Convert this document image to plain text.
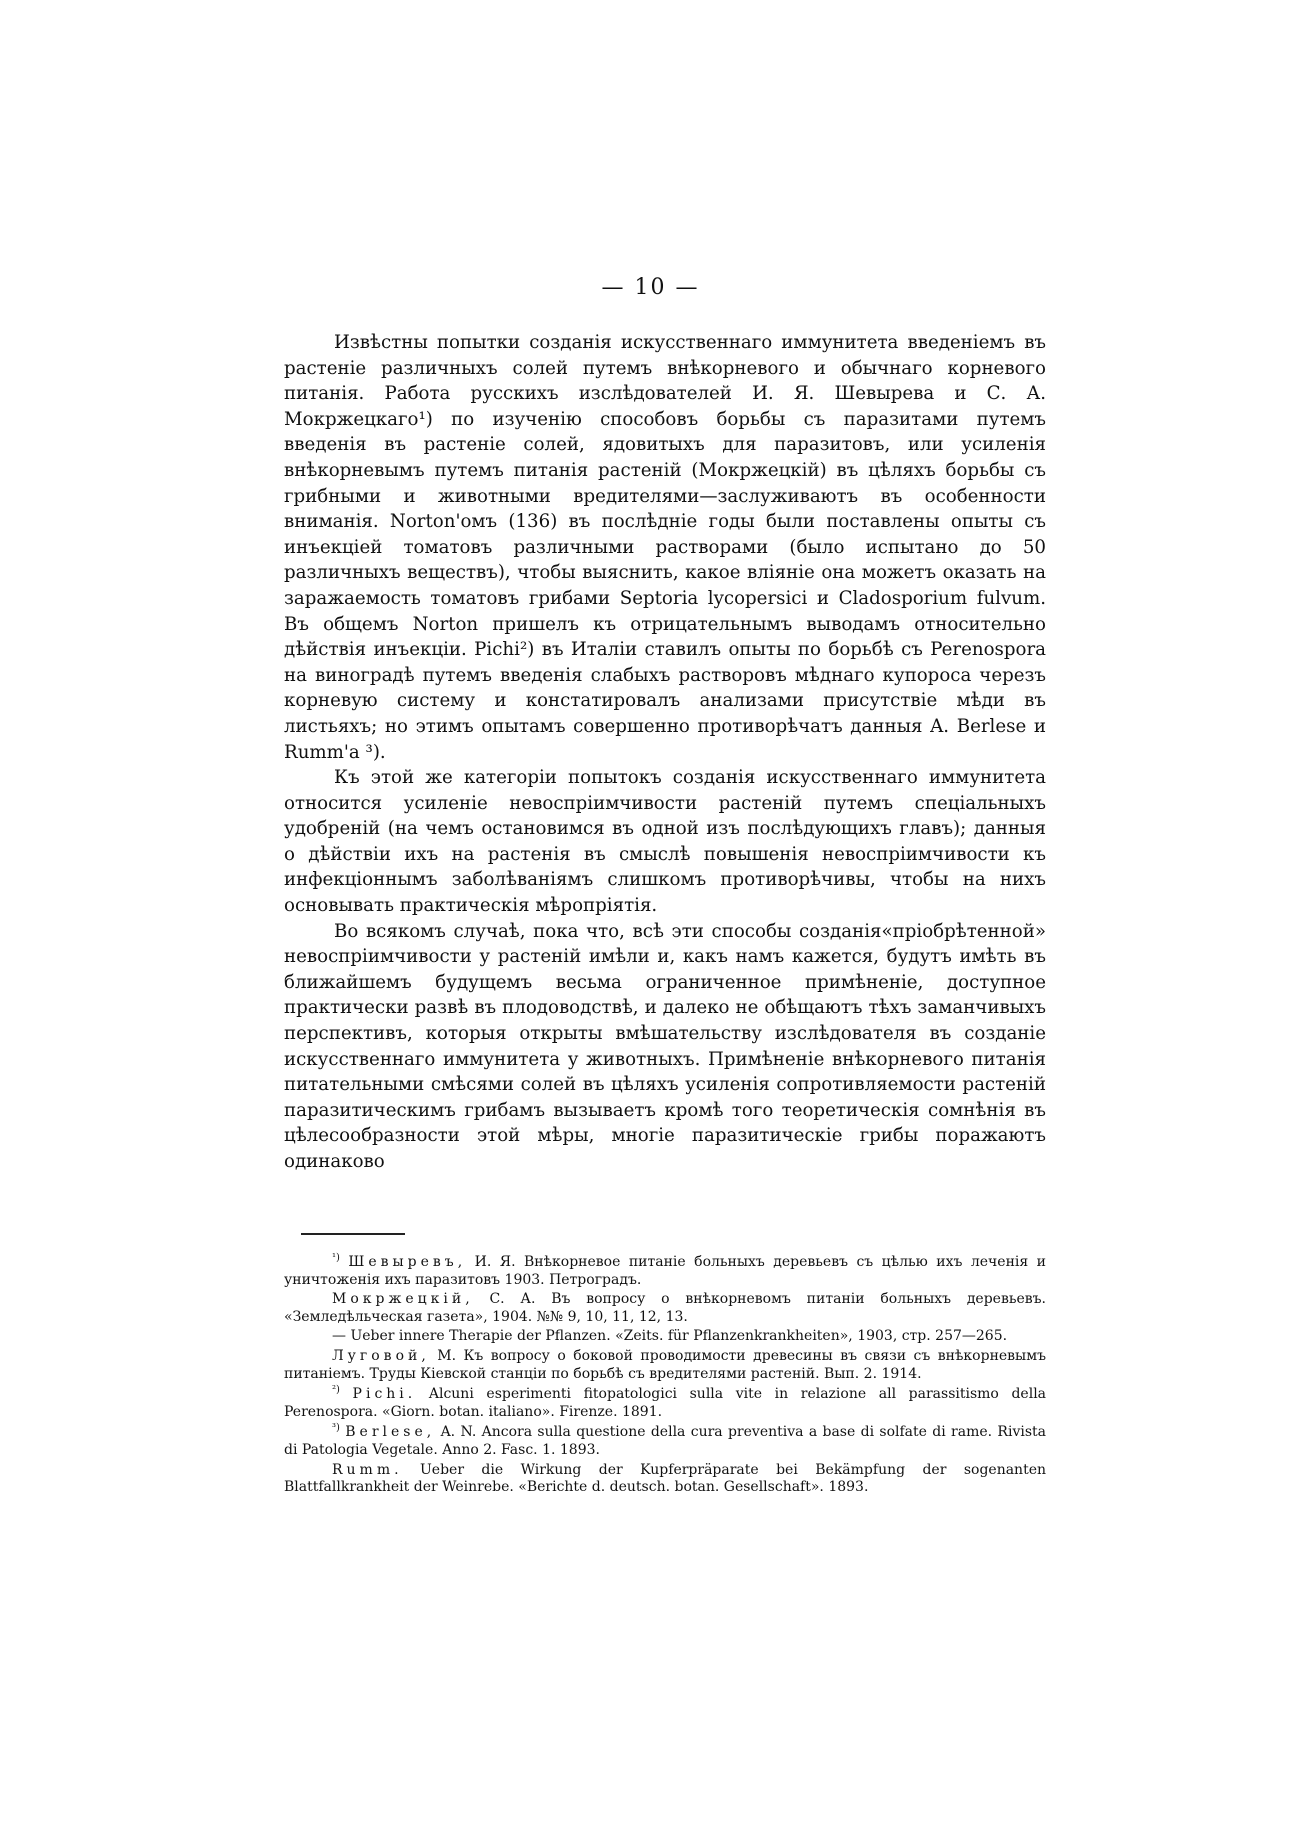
— 10 —

Извѣстны попытки созданія искусственнаго иммунитета введеніемъ въ растеніе различныхъ солей путемъ внѣкорневого и обычнаго корневого питанія. Работа русскихъ изслѣдователей И. Я. Шевырева и С. А. Мокржецкаго¹) по изученію способовъ борьбы съ паразитами путемъ введенія въ растеніе солей, ядовитыхъ для паразитовъ, или усиленія внѣкорневымъ путемъ питанія растеній (Мокржецкій) въ цѣляхъ борьбы съ грибными и животными вредителями—заслуживаютъ въ особенности вниманія. Norton'омъ (136) въ послѣдніе годы были поставлены опыты съ инъекціей томатовъ различными растворами (было испытано до 50 различныхъ веществъ), чтобы выяснить, какое вліяніе она можетъ оказать на заражаемость томатовъ грибами Septoria lycopersici и Cladosporium fulvum. Въ общемъ Norton пришелъ къ отрицательнымъ выводамъ относительно дѣйствія инъекціи. Pichi²) въ Италіи ставилъ опыты по борьбѣ съ Perenospora на виноградѣ путемъ введенія слабыхъ растворовъ мѣднаго купороса черезъ корневую систему и констатировалъ анализами присутствіе мѣди въ листьяхъ; но этимъ опытамъ совершенно противорѣчатъ данныя A. Berlese и Rumm'a ³).

Къ этой же категоріи попытокъ созданія искусственнаго иммунитета относится усиленіе невоспріимчивости растеній путемъ спеціальныхъ удобреній (на чемъ остановимся въ одной изъ послѣдующихъ главъ); данныя о дѣйствіи ихъ на растенія въ смыслѣ повышенія невоспріимчивости къ инфекціоннымъ заболѣваніямъ слишкомъ противорѣчивы, чтобы на нихъ основывать практическія мѣропріятія.

Во всякомъ случаѣ, пока что, всѣ эти способы созданія«пріобрѣтенной» невоспріимчивости у растеній имѣли и, какъ намъ кажется, будутъ имѣть въ ближайшемъ будущемъ весьма ограниченное примѣненіе, доступное практически развѣ въ плодоводствѣ, и далеко не обѣщаютъ тѣхъ заманчивыхъ перспективъ, которыя открыты вмѣшательству изслѣдователя въ созданіе искусственнаго иммунитета у животныхъ. Примѣненіе внѣкорневого питанія питательными смѣсями солей въ цѣляхъ усиленія сопротивляемости растеній паразитическимъ грибамъ вызываетъ кромѣ того теоретическія сомнѣнія въ цѣлесообразности этой мѣры, многіе паразитическіе грибы поражаютъ одинаково

$^{^1)}$ Шевыревъ, И. Я. Внѣкорневое питаніе больныхъ деревьевъ съ цѣлью ихъ леченія и уничтоженія ихъ паразитовъ 1903. Петроградъ.

Мокржецкій, С. А. Въ вопросу о внѣкорневомъ питаніи больныхъ деревьевъ. «Земледѣльческая газета», 1904. №№ 9, 10, 11, 12, 13.

— Ueber innere Therapie der Pflanzen. «Zeits. für Pflanzenkrankheiten», 1903, стр. 257—265.

Луговой, М. Къ вопросу о боковой проводимости древесины въ связи съ внѣкорневымъ питаніемъ. Труды Кіевской станціи по борьбѣ съ вредителями растеній. Вып. 2. 1914.

$^{^2)}$ Pichi. Alcuni esperimenti fitopatologici sulla vite in relazione all parassitismo della Perenospora. «Giorn. botan. italiano». Firenze. 1891.

$^{^3)}$ Berlese, A. N. Ancora sulla questione della cura preventiva a base di solfate di rame. Rivista di Patologia Vegetale. Anno 2. Fasc. 1. 1893.

Rumm. Ueber die Wirkung der Kupferpräparate bei Bekämpfung der sogenanten Blattfallkrankheit der Weinrebe. «Berichte d. deutsch. botan. Gesellschaft». 1893.
